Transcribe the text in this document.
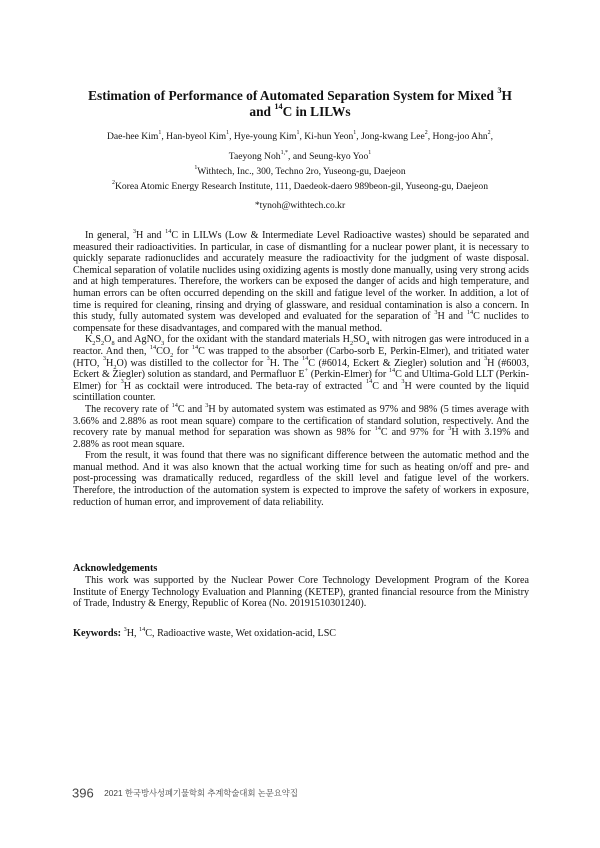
Estimation of Performance of Automated Separation System for Mixed $^3$H
and $^{14}$C in LILWs
Dae-hee Kim$^1$, Han-byeol Kim$^1$, Hye-young Kim$^1$, Ki-hun Yeon$^1$, Jong-kwang Lee$^2$, Hong-joo Ahn$^2$,
Taeyong Noh$^{1,*}$, and Seung-kyo Yoo$^1$
$^1$Withtech, Inc., 300, Techno 2ro, Yuseong-gu, Daejeon
$^2$Korea Atomic Energy Research Institute, 111, Daedeok-daero 989beon-gil, Yuseong-gu, Daejeon
*tynoh@withtech.co.kr

In general, $^3$H and $^{14}$C in LILWs (Low & Intermediate Level Radioactive wastes) should be separated and measured their radioactivities. In particular, in case of dismantling for a nuclear power plant, it is necessary to quickly separate radionuclides and accurately measure the radioactivity for the judgment of waste disposal. Chemical separation of volatile nuclides using oxidizing agents is mostly done manually, using very strong acids and at high temperatures. Therefore, the workers can be exposed the danger of acids and high temperature, and human errors can be often occurred depending on the skill and fatigue level of the worker. In addition, a lot of time is required for cleaning, rinsing and drying of glassware, and residual contamination is also a concern. In this study, fully automated system was developed and evaluated for the separation of $^3$H and $^{14}$C nuclides to compensate for these disadvantages, and compared with the manual method.

$K_2S_2O_8$ and AgNO$_3$ for the oxidant with the standard materials $H_2SO_4$ with nitrogen gas were introduced in a reactor. And then, $^{14}CO_2$ for $^{14}$C was trapped to the absorber (Carbo-sorb E, Perkin-Elmer), and tritiated water (HTO, $^3H_2O$) was distilled to the collector for $^3$H. The $^{14}$C (#6014, Eckert & Ziegler) solution and $^3$H (#6003, Eckert & Ziegler) solution as standard, and Permafluor E+ (Perkin-Elmer) for $^{14}$C and Ultima-Gold LLT (Perkin-Elmer) for $^3$H as cocktail were introduced. The beta-ray of extracted $^{14}$C and $^3$H were counted by the liquid scintillation counter.

The recovery rate of $^{14}$C and $^3$H by automated system was estimated as 97% and 98% (5 times average with 3.66% and 2.88% as root mean square) compare to the certification of standard solution, respectively. And the recovery rate by manual method for separation was shown as 98% for $^{14}$C and 97% for $^3$H with 3.19% and 2.88% as root mean square.

From the result, it was found that there was no significant difference between the automatic method and the manual method. And it was also known that the actual working time for such as heating on/off and pre- and post-processing was dramatically reduced, regardless of the skill level and fatigue level of the workers. Therefore, the introduction of the automation system is expected to improve the safety of workers in exposure, reduction of human error, and improvement of data reliability.

Acknowledgements
This work was supported by the Nuclear Power Core Technology Development Program of the Korea Institute of Energy Technology Evaluation and Planning (KETEP), granted financial resource from the Ministry of Trade, Industry & Energy, Republic of Korea (No. 20191510301240).
Keywords: $^3$H, $^{14}$C, Radioactive waste, Wet oxidation-acid, LSC
396 2021 한국방사성폐기물학회 추계학술대회 논문요약집
